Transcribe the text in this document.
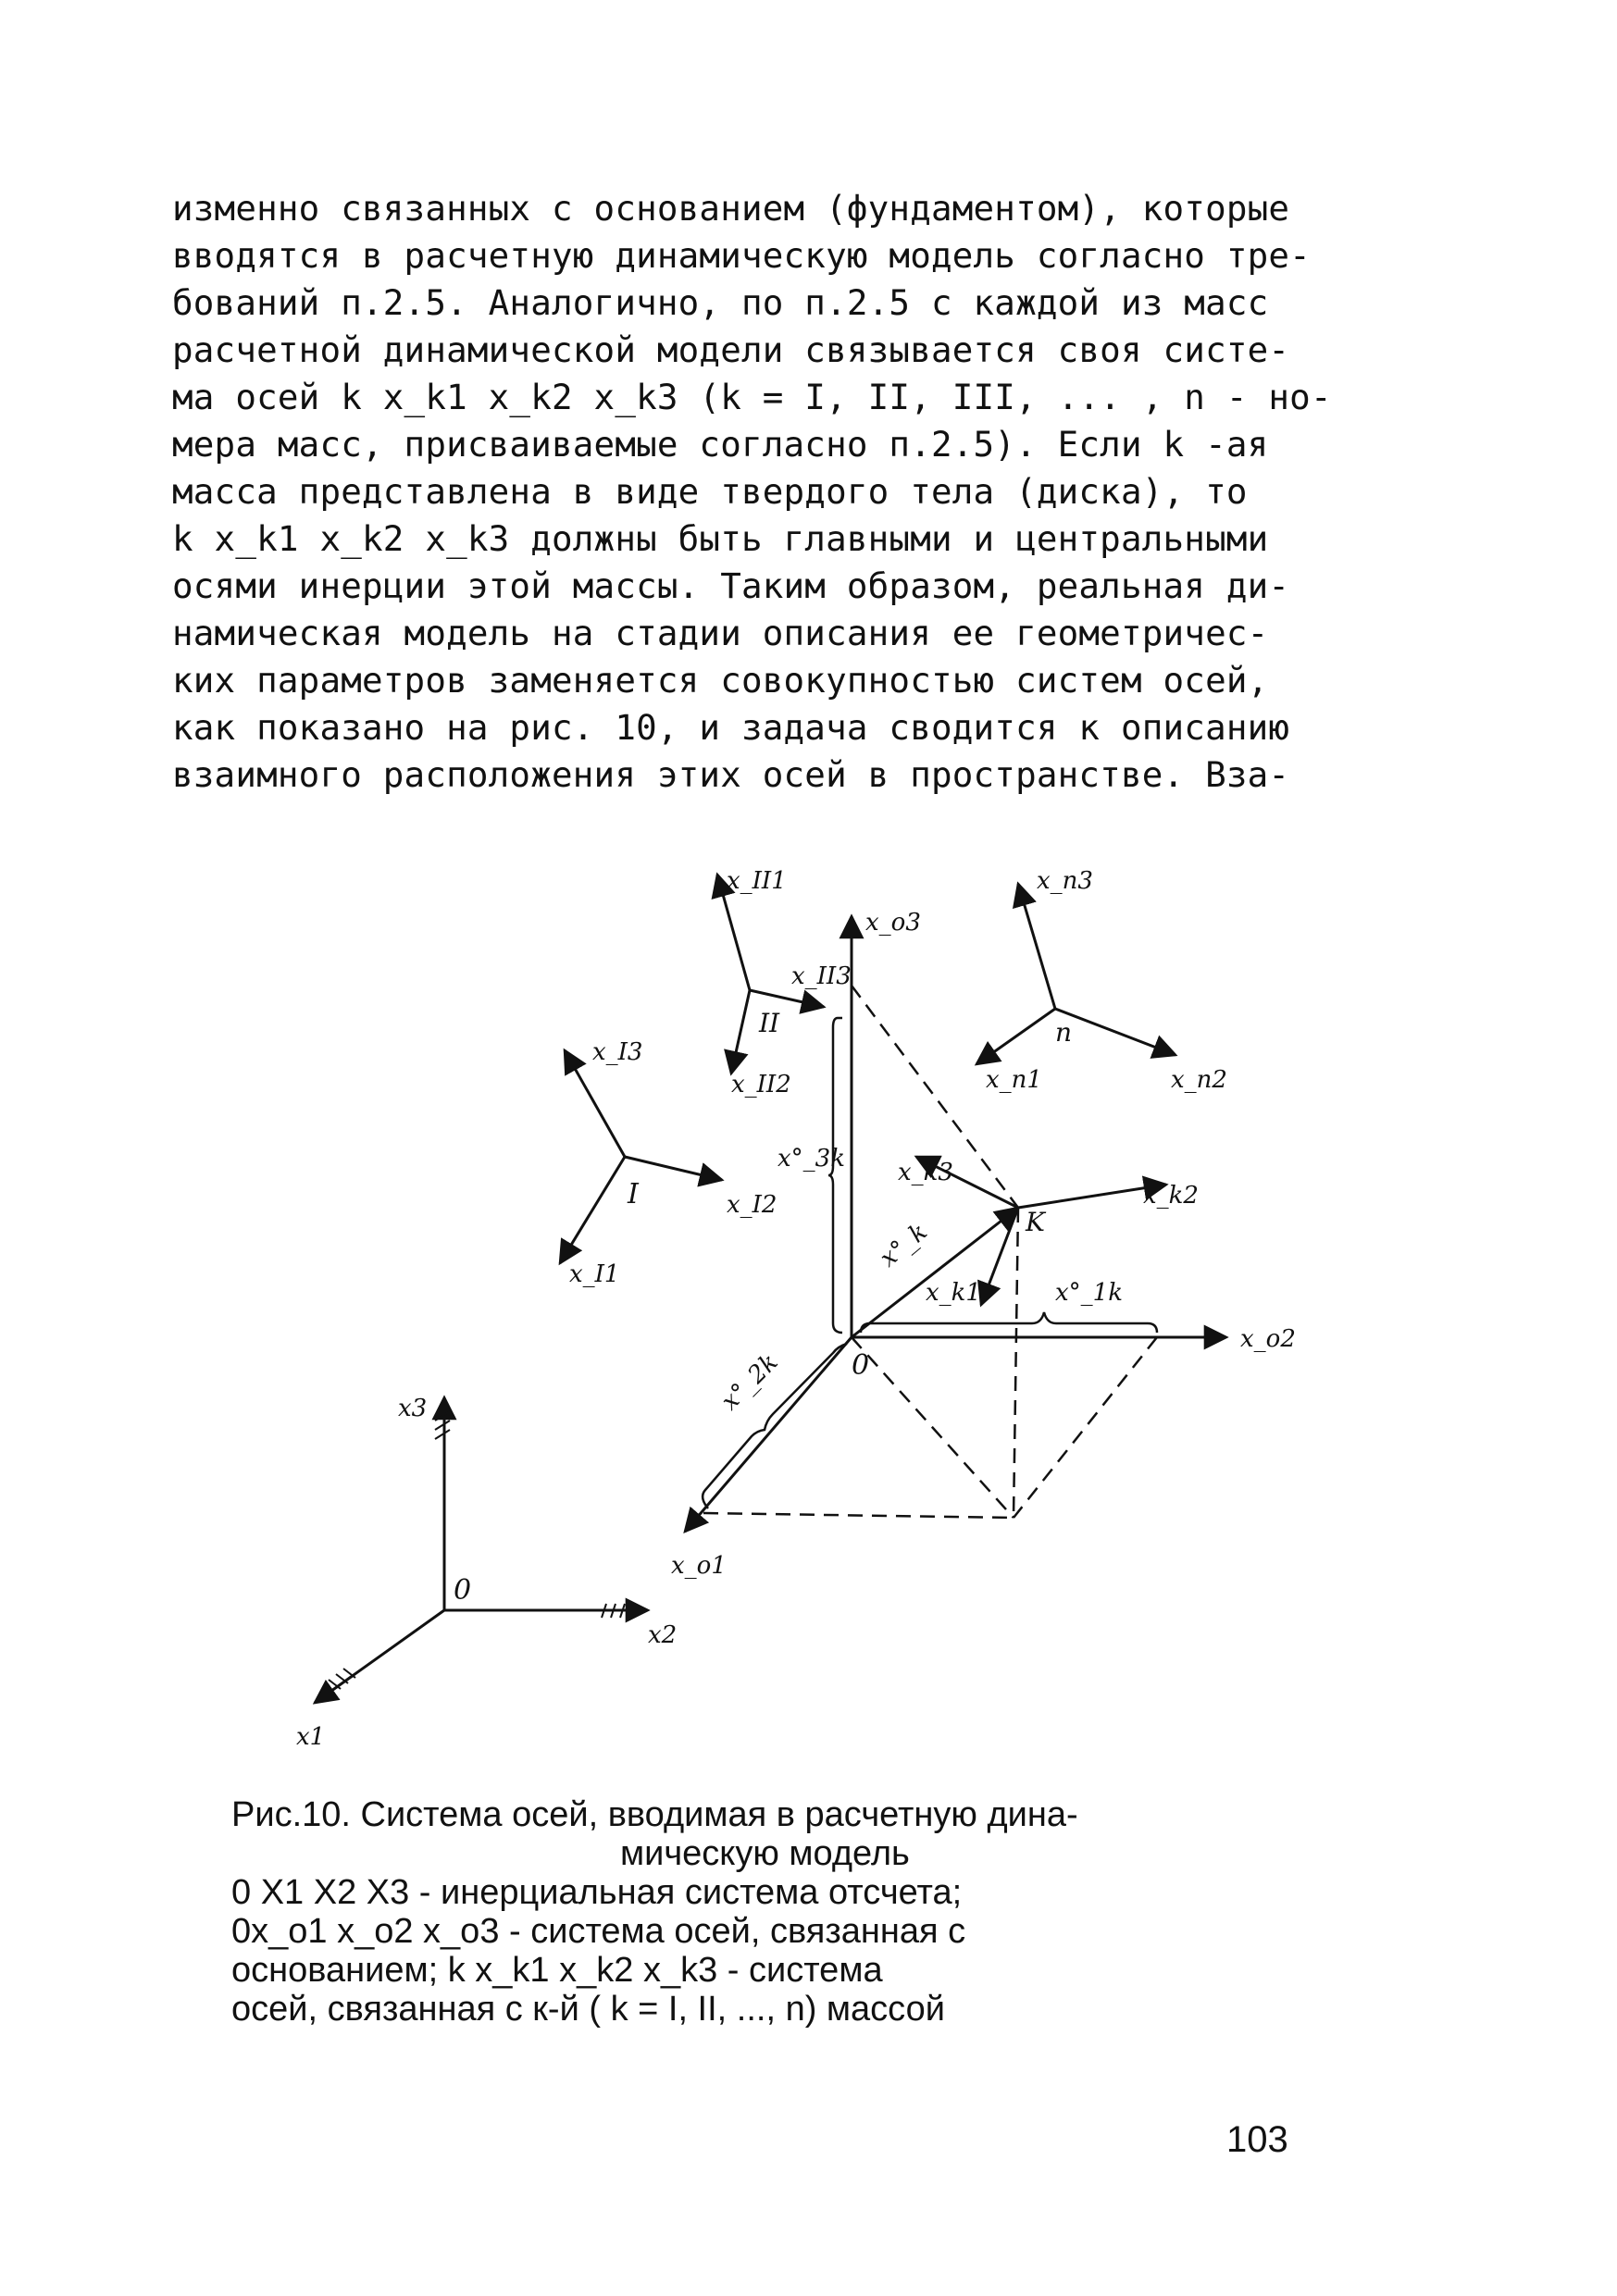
изменно связанных с основанием (фундаментом), которые
вводятся в расчетную динамическую модель согласно тре-
бований п.2.5. Аналогично, по п.2.5 с каждой из масс
расчетной динамической модели связывается своя систе-
ма осей k x_k1 x_k2 x_k3 (k = I, II, III, ... , n - но-
мера масс, присваиваемые согласно п.2.5). Если k -ая
масса представлена в виде твердого тела (диска), то
k x_k1 x_k2 x_k3 должны быть главными и центральными
осями инерции этой массы. Таким образом, реальная ди-
намическая модель на стадии описания ее геометричес-
ких параметров заменяется совокупностью систем осей,
как показано на рис. 10, и задача сводится к описанию
взаимного расположения этих осей в пространстве. Вза-
x_I3
x_I2
x_I1
I
x_II1
x_II3
x_II2
II
x_n3
x_n2
x_n1
n
x_o3
x_o2
x_o1
0
K
x_k2
x_k3
x_k1
x°_k
x°_1k
x°_2k
x°_3k
x3
x2
x1
0
Рис.10. Система осей, вводимая в расчетную дина-
мическую модель
0 X1 X2 X3 - инерциальная система отсчета;
0x_o1 x_o2 x_o3 - система осей, связанная с
основанием; k x_k1 x_k2 x_k3 - система
осей, связанная с к-й ( k = I, II, ..., n) массой
103
